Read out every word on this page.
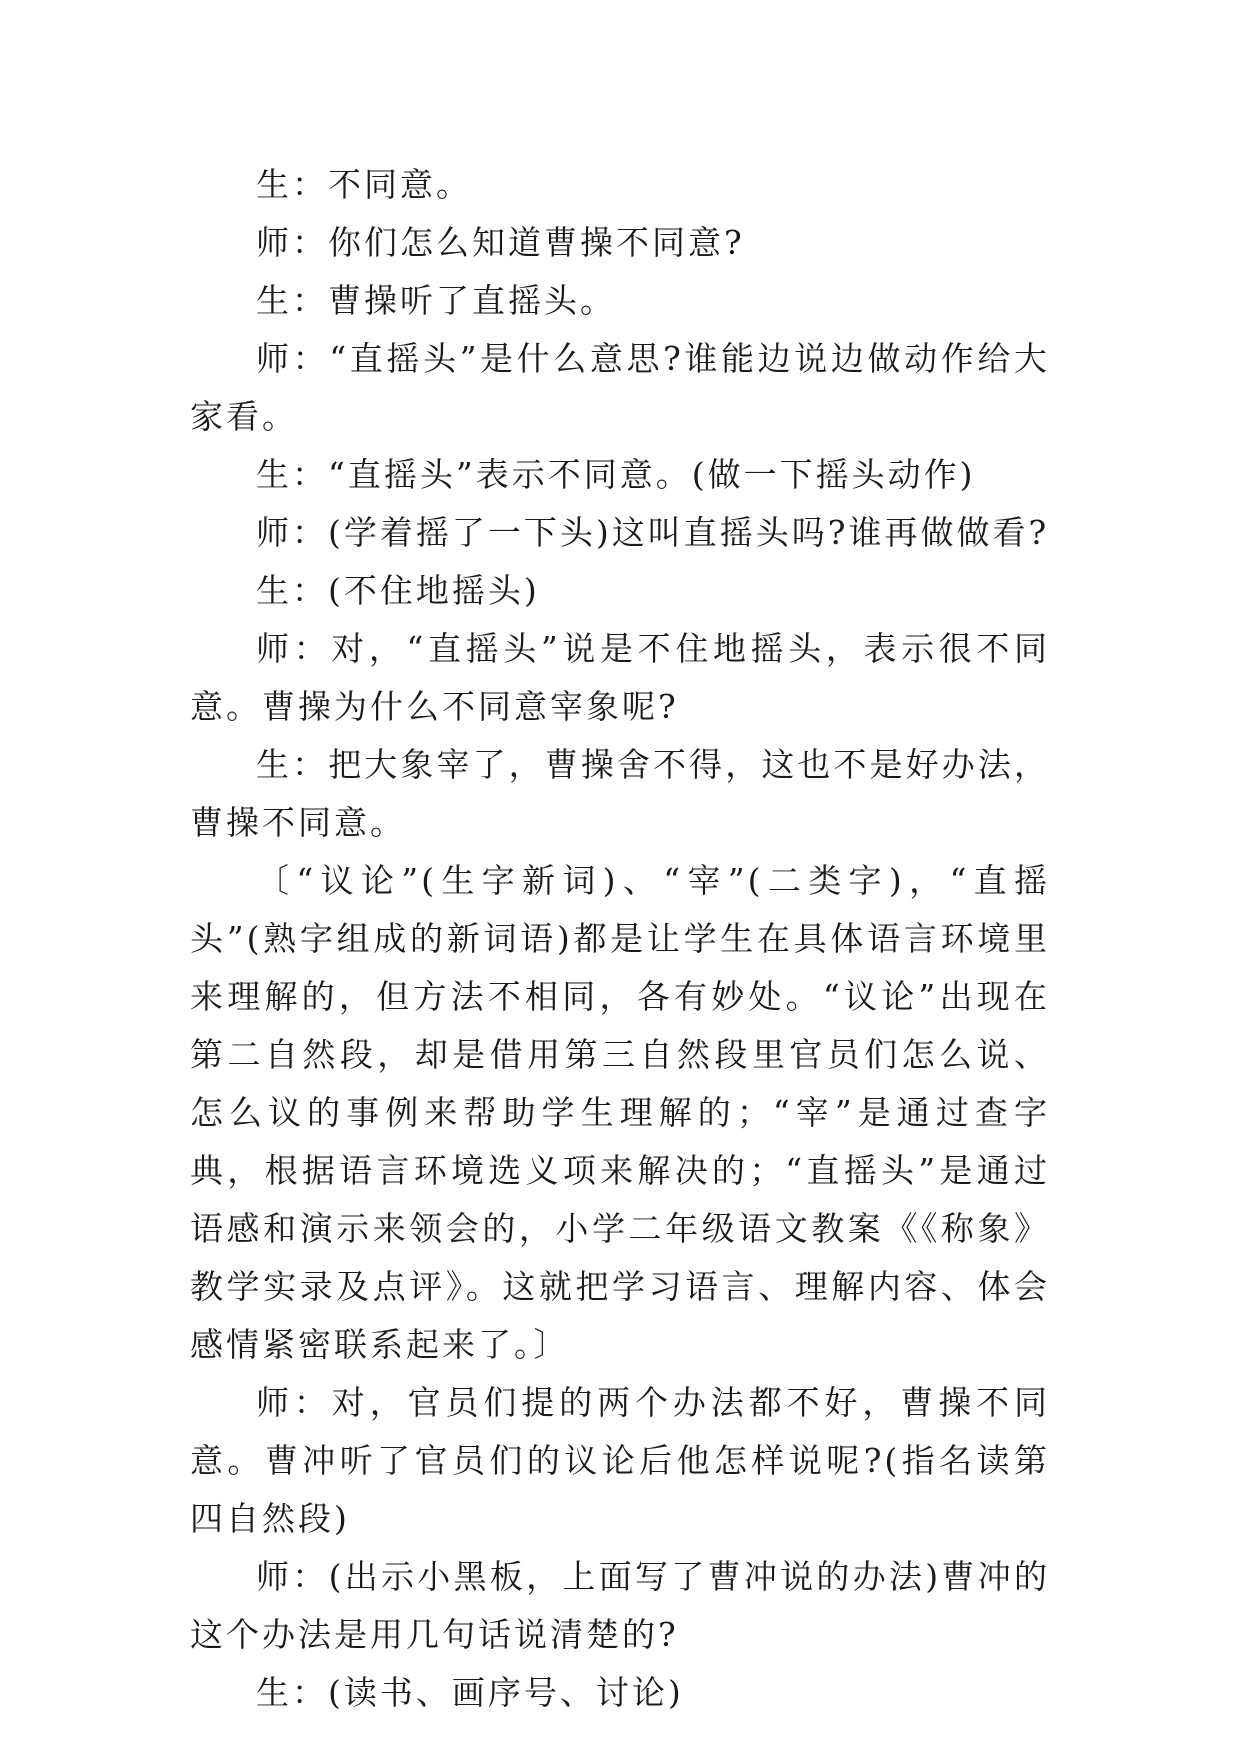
生：不同意。

师：你们怎么知道曹操不同意?

生：曹操听了直摇头。

师：“直摇头”是什么意思?谁能边说边做动作给大家看。

生：“直摇头”表示不同意。(做一下摇头动作)

师：(学着摇了一下头)这叫直摇头吗?谁再做做看?

生：(不住地摇头)

师：对，“直摇头”说是不住地摇头，表示很不同意。曹操为什么不同意宰象呢?

生：把大象宰了，曹操舍不得，这也不是好办法，曹操不同意。

〔“议论”(生字新词)、“宰”(二类字)，“直摇头”(熟字组成的新词语)都是让学生在具体语言环境里来理解的，但方法不相同，各有妙处。“议论”出现在第二自然段，却是借用第三自然段里官员们怎么说、怎么议的事例来帮助学生理解的；“宰”是通过查字典，根据语言环境选义项来解决的；“直摇头”是通过语感和演示来领会的，小学二年级语文教案《《称象》教学实录及点评》。这就把学习语言、理解内容、体会感情紧密联系起来了。〕

师：对，官员们提的两个办法都不好，曹操不同意。曹冲听了官员们的议论后他怎样说呢?(指名读第四自然段)

师：(出示小黑板，上面写了曹冲说的办法)曹冲的这个办法是用几句话说清楚的?

生：(读书、画序号、讨论)
